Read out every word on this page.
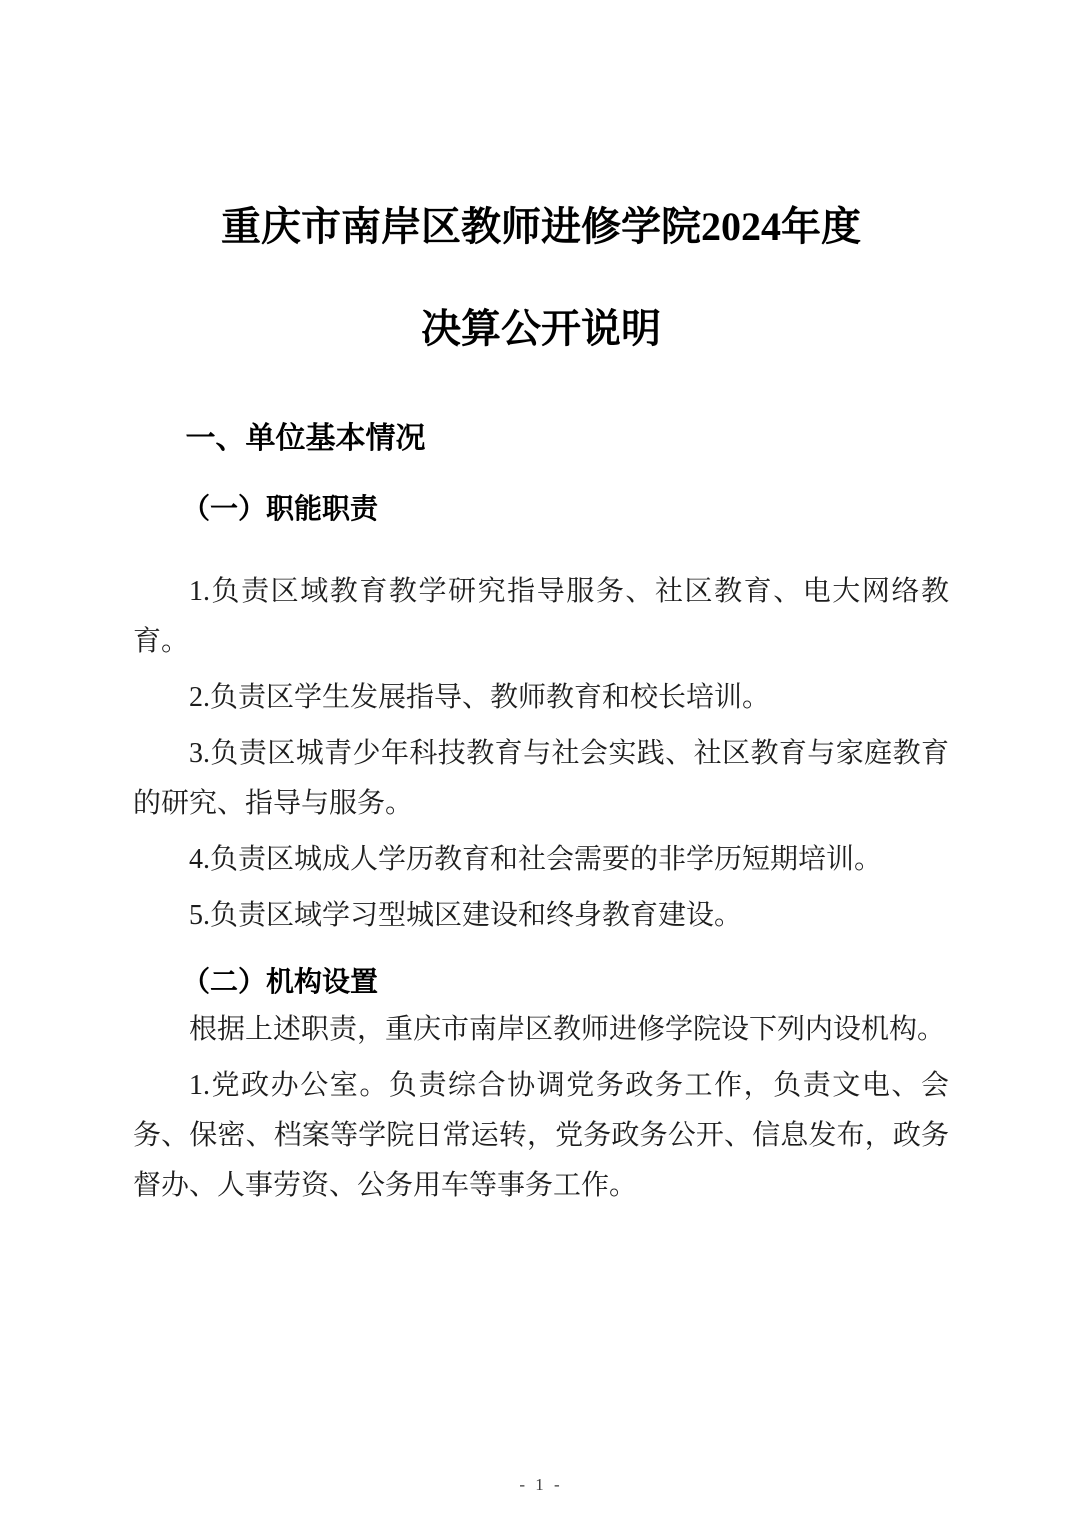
重庆市南岸区教师进修学院2024年度
决算公开说明
一、单位基本情况
（一）职能职责

1.负责区域教育教学研究指导服务、社区教育、电大网络教育。

2.负责区学生发展指导、教师教育和校长培训。

3.负责区城青少年科技教育与社会实践、社区教育与家庭教育的研究、指导与服务。

4.负责区城成人学历教育和社会需要的非学历短期培训。

5.负责区域学习型城区建设和终身教育建设。

（二）机构设置

根据上述职责，重庆市南岸区教师进修学院设下列内设机构。

1.党政办公室。负责综合协调党务政务工作，负责文电、会务、保密、档案等学院日常运转，党务政务公开、信息发布，政务督办、人事劳资、公务用车等事务工作。

- 1 -
